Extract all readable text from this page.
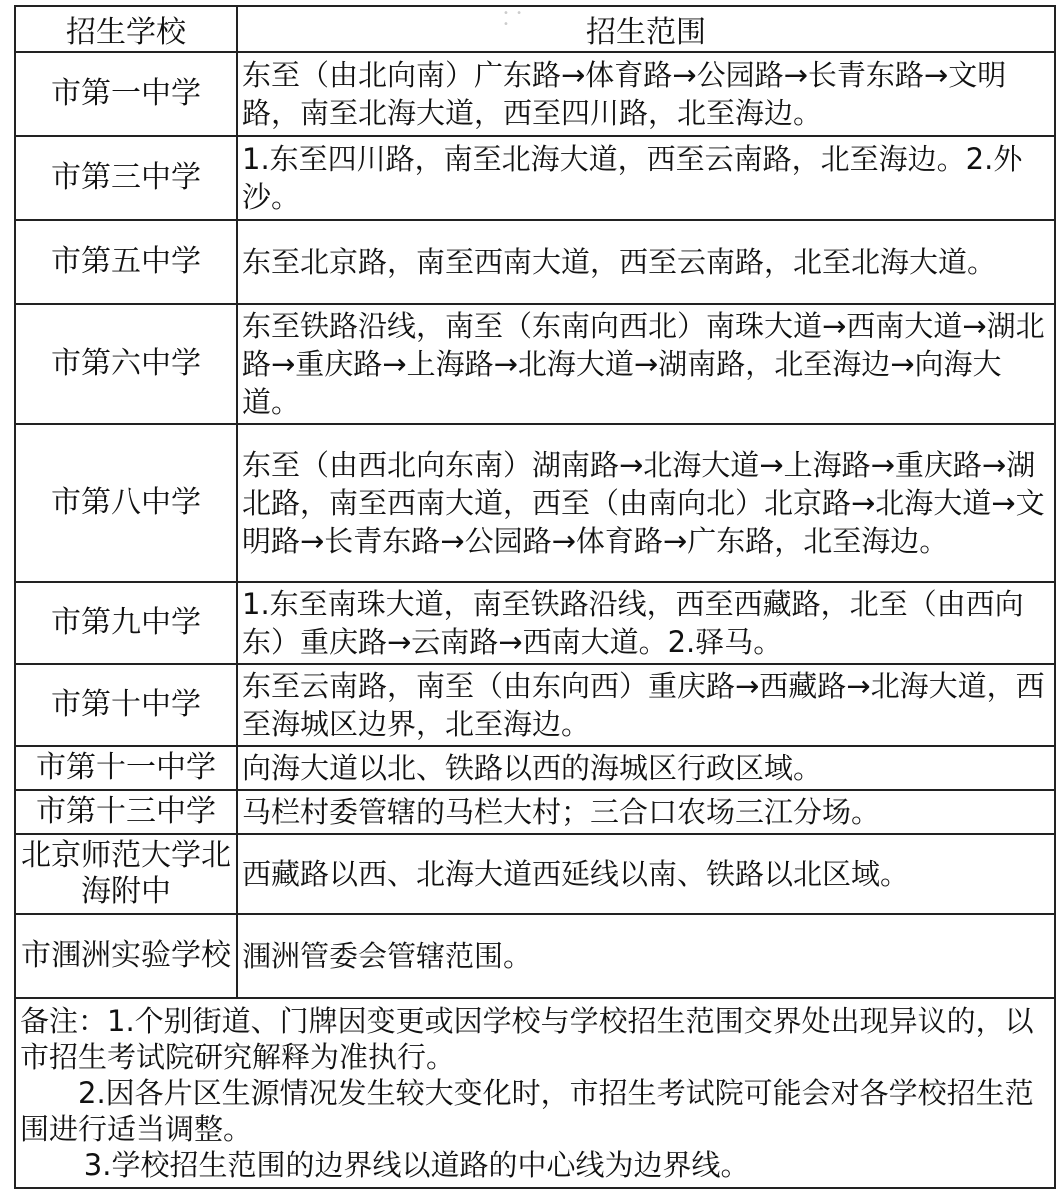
• • •
招生学校	招生范围
市第一中学	东至（由北向南）广东路→体育路→公园路→长青东路→文明路，南至北海大道，西至四川路，北至海边。
市第三中学	1.东至四川路，南至北海大道，西至云南路，北至海边。2.外沙。
市第五中学	东至北京路，南至西南大道，西至云南路，北至北海大道。
市第六中学	东至铁路沿线，南至（东南向西北）南珠大道→西南大道→湖北路→重庆路→上海路→北海大道→湖南路，北至海边→向海大道。
市第八中学	东至（由西北向东南）湖南路→北海大道→上海路→重庆路→湖北路，南至西南大道，西至（由南向北）北京路→北海大道→文明路→长青东路→公园路→体育路→广东路，北至海边。
市第九中学	1.东至南珠大道，南至铁路沿线，西至西藏路，北至（由西向东）重庆路→云南路→西南大道。2.驿马。
市第十中学	东至云南路，南至（由东向西）重庆路→西藏路→北海大道，西至海城区边界，北至海边。
市第十一中学	向海大道以北、铁路以西的海城区行政区域。
市第十三中学	马栏村委管辖的马栏大村；三合口农场三江分场。
北京师范大学北海附中	西藏路以西、北海大道西延线以南、铁路以北区域。
市涠洲实验学校	涠洲管委会管辖范围。

备注：1.个别街道、门牌因变更或因学校与学校招生范围交界处出现异议的，以市招生考试院研究解释为准执行。
2.因各片区生源情况发生较大变化时，市招生考试院可能会对各学校招生范围进行适当调整。
3.学校招生范围的边界线以道路的中心线为边界线。	
